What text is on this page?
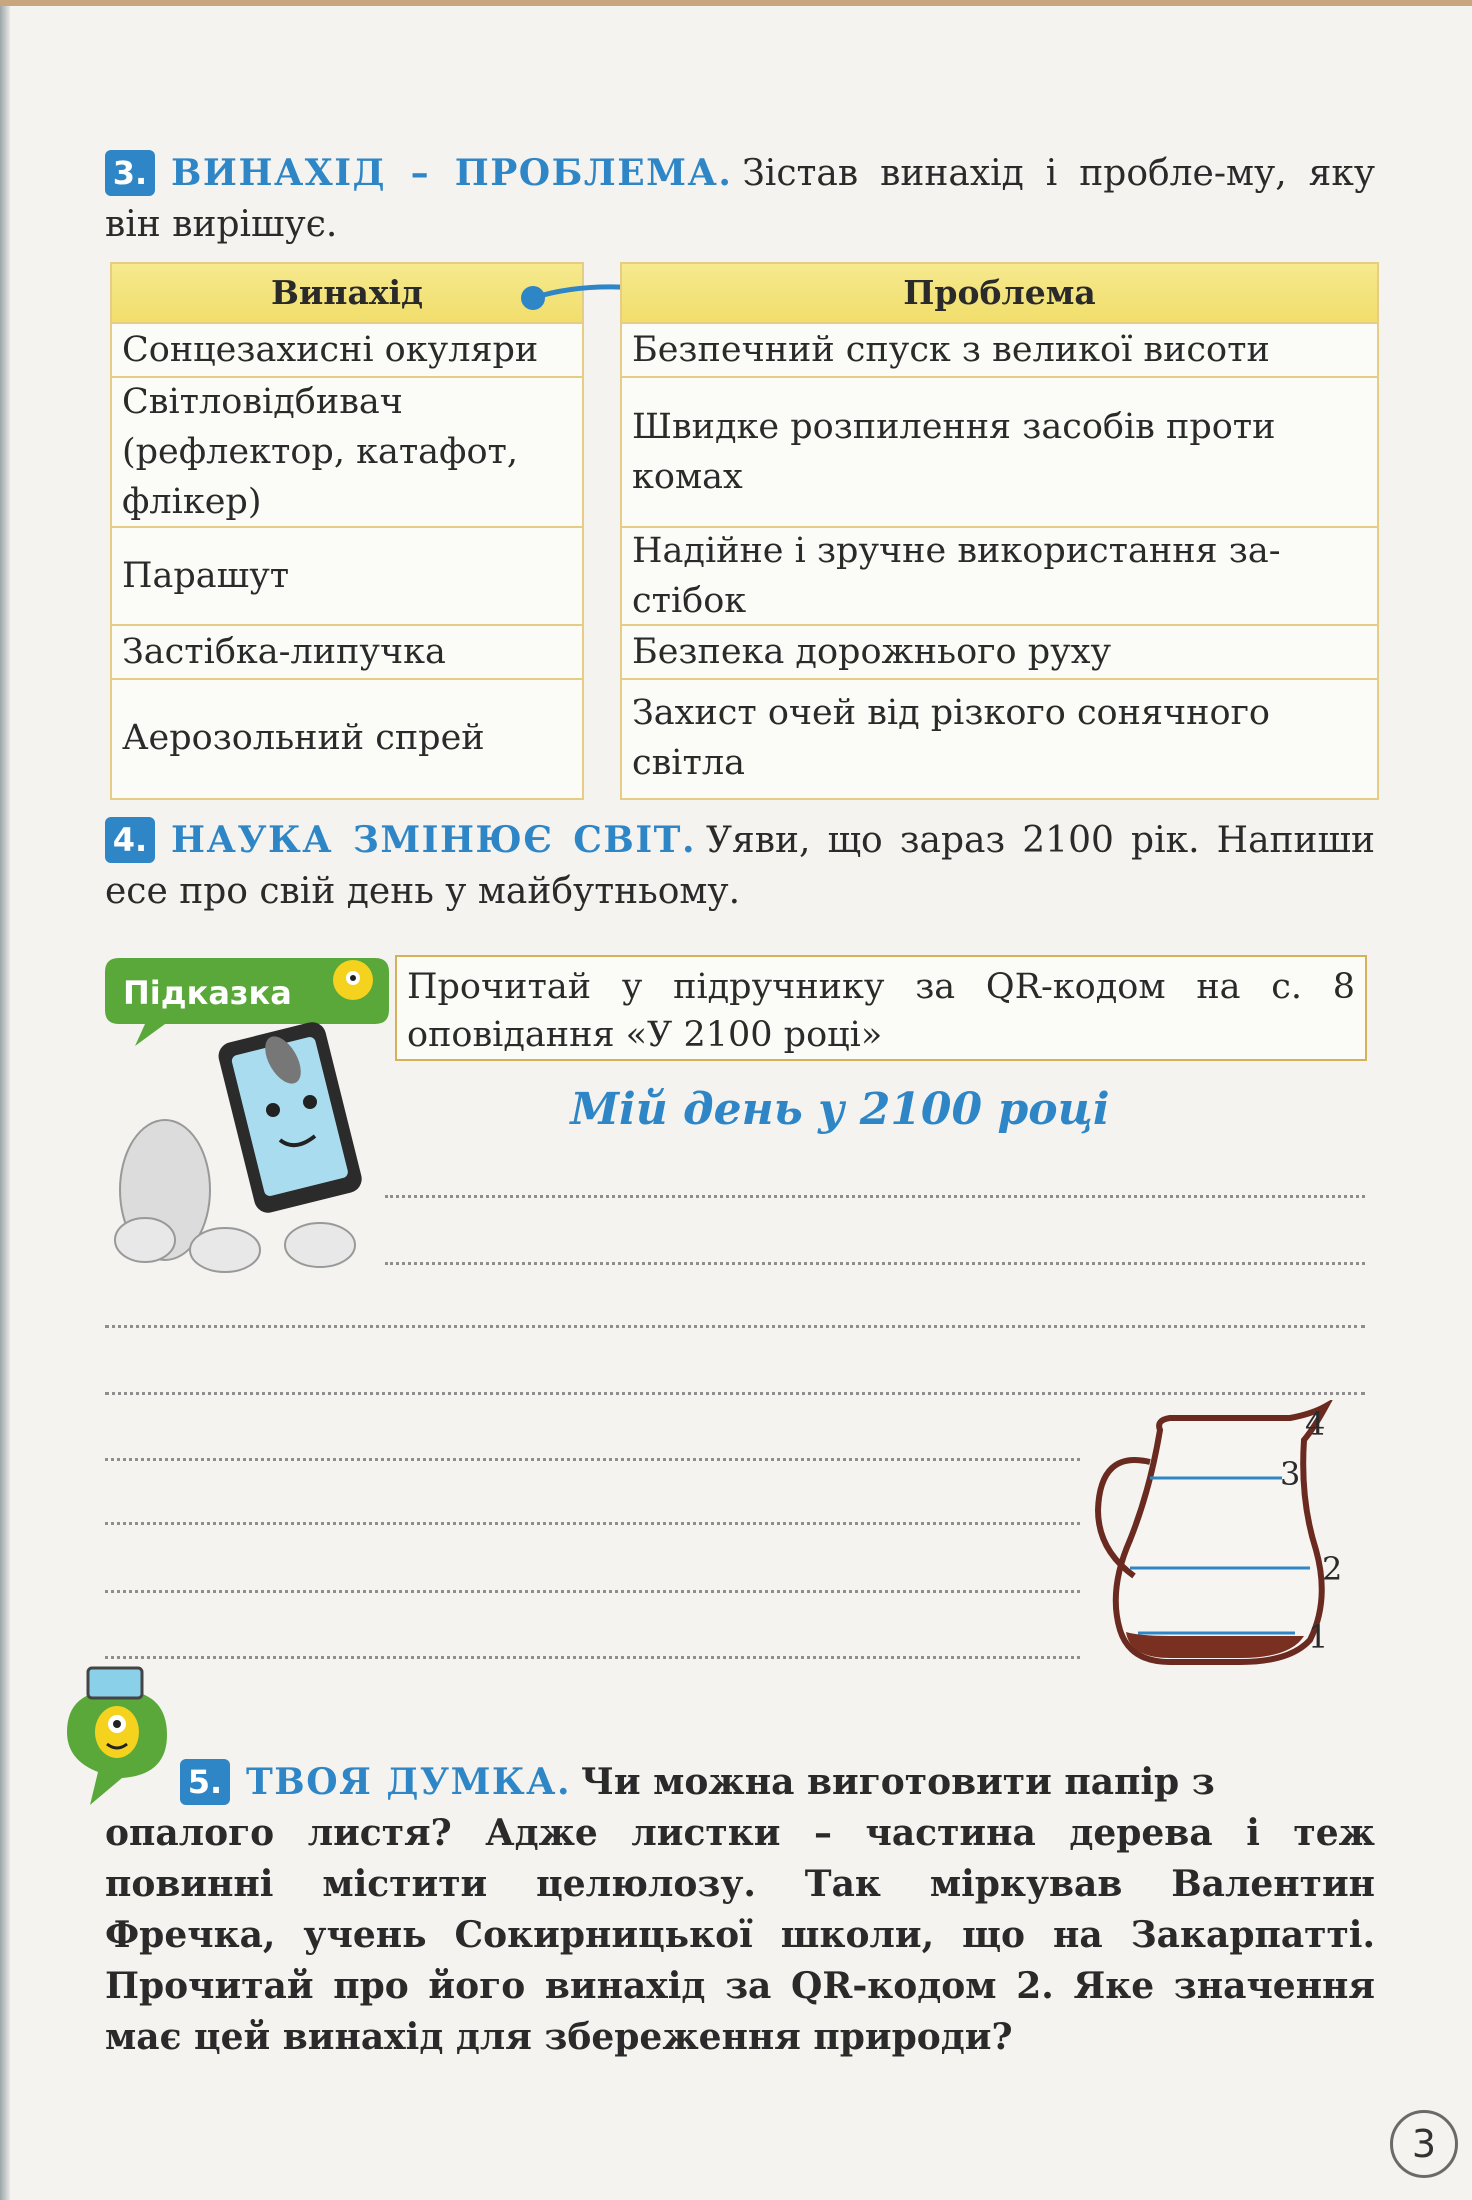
3. ВИНАХІД – ПРОБЛЕМА. Зістав винахід і пробле-му, яку він вирішує.
Винахід
Сонцезахисні окуляри
Світловідбивач (рефлектор, катафот, флікер)
Парашут
Застібка-липучка
Аерозольний спрей
Проблема
Безпечний спуск з великої висоти
Швидке розпилення засобів проти комах
Надійне і зручне використання за-стібок
Безпека дорожнього руху
Захист очей від різкого сонячного світла
4. НАУКА ЗМІНЮЄ СВІТ. Уяви, що зараз 2100 рік. Напиши есе про свій день у майбутньому.
Підказка	Прочитай у підручнику за QR-кодом на с. 8 оповідання «У 2100 році»
Мій день у 2100 році
4
3
2
1
5. ТВОЯ ДУМКА. Чи можна виготовити папір з
опалого листя? Адже листки – частина дерева і теж повинні містити целюлозу. Так міркував Валентин Фречка, учень Сокирницької школи, що на Закарпатті. Прочитай про його винахід за QR-кодом 2. Яке значення має цей винахід для збереження природи?
3
